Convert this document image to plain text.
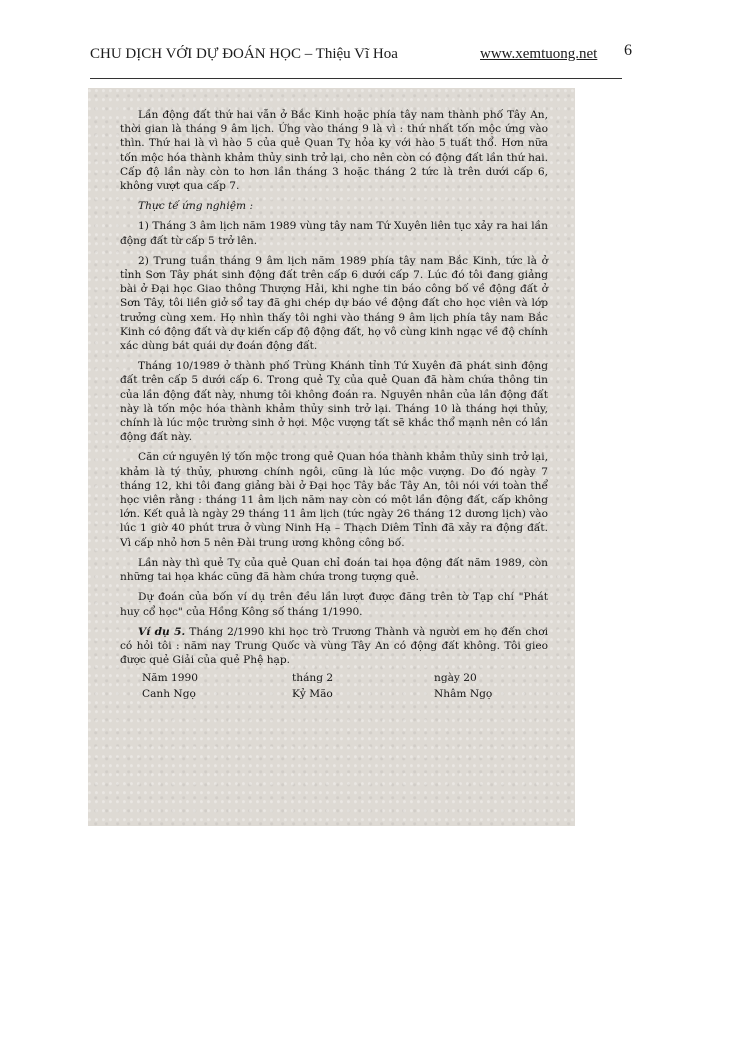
CHU DỊCH VỚI DỰ ĐOÁN HỌC – Thiệu Vĩ Hoa	www.xemtuong.net 6

Lần động đất thứ hai vẫn ở Bắc Kinh hoặc phía tây nam thành phố Tây An, thời gian là tháng 9 âm lịch. Ứng vào tháng 9 là vì : thứ nhất tốn mộc ứng vào thìn. Thứ hai là vì hào 5 của quẻ Quan Tỵ hỏa ky với hào 5 tuất thổ. Hơn nữa tốn mộc hóa thành khảm thủy sinh trở lại, cho nên còn có động đất lần thứ hai. Cấp độ lần này còn to hơn lần tháng 3 hoặc tháng 2 tức là trên dưới cấp 6, không vượt qua cấp 7.

Thực tế ứng nghiệm :

1) Tháng 3 âm lịch năm 1989 vùng tây nam Tứ Xuyên liên tục xảy ra hai lần động đất từ cấp 5 trở lên.

2) Trung tuần tháng 9 âm lịch năm 1989 phía tây nam Bắc Kinh, tức là ở tỉnh Sơn Tây phát sinh động đất trên cấp 6 dưới cấp 7. Lúc đó tôi đang giảng bài ở Đại học Giao thông Thượng Hải, khi nghe tin báo công bố về động đất ở Sơn Tây, tôi liền giở sổ tay đã ghi chép dự báo về động đất cho học viên và lớp trưởng cùng xem. Họ nhìn thấy tôi nghi vào tháng 9 âm lịch phía tây nam Bắc Kinh có động đất và dự kiến cấp độ động đất, họ vô cùng kinh ngạc về độ chính xác dùng bát quái dự đoán động đất.

Tháng 10/1989 ở thành phố Trùng Khánh tỉnh Tứ Xuyên đã phát sinh động đất trên cấp 5 dưới cấp 6. Trong quẻ Tỵ của quẻ Quan đã hàm chứa thông tin của lần động đất này, nhưng tôi không đoán ra. Nguyên nhân của lần động đất này là tốn mộc hóa thành khảm thủy sinh trở lại. Tháng 10 là tháng hợi thủy, chính là lúc mộc trường sinh ở hợi. Mộc vượng tất sẽ khắc thổ mạnh nên có lần động đất này.

Căn cứ nguyên lý tốn mộc trong quẻ Quan hóa thành khảm thủy sinh trở lại, khảm là tý thủy, phương chính ngôi, cũng là lúc mộc vượng. Do đó ngày 7 tháng 12, khi tôi đang giảng bài ở Đại học Tây bắc Tây An, tôi nói với toàn thể học viên rằng : tháng 11 âm lịch năm nay còn có một lần động đất, cấp không lớn. Kết quả là ngày 29 tháng 11 âm lịch (tức ngày 26 tháng 12 dương lịch) vào lúc 1 giờ 40 phút trưa ở vùng Ninh Hạ – Thạch Diêm Tỉnh đã xảy ra động đất. Vì cấp nhỏ hơn 5 nên Đài trung ương không công bố.

Lần này thì quẻ Tỵ của quẻ Quan chỉ đoán tai họa động đất năm 1989, còn những tai họa khác cũng đã hàm chứa trong tượng quẻ.

Dự đoán của bốn ví dụ trên đều lần lượt được đăng trên tờ Tạp chí "Phát huy cổ học" của Hồng Kông số tháng 1/1990.

Ví dụ 5. Tháng 2/1990 khi học trò Trương Thành và người em họ đến chơi có hỏi tôi : năm nay Trung Quốc và vùng Tây An có động đất không. Tôi gieo được quẻ Giải của quẻ Phệ hạp.

Năm 1990	tháng 2	ngày 20
Canh Ngọ	Kỷ Mão	Nhâm Ngọ
